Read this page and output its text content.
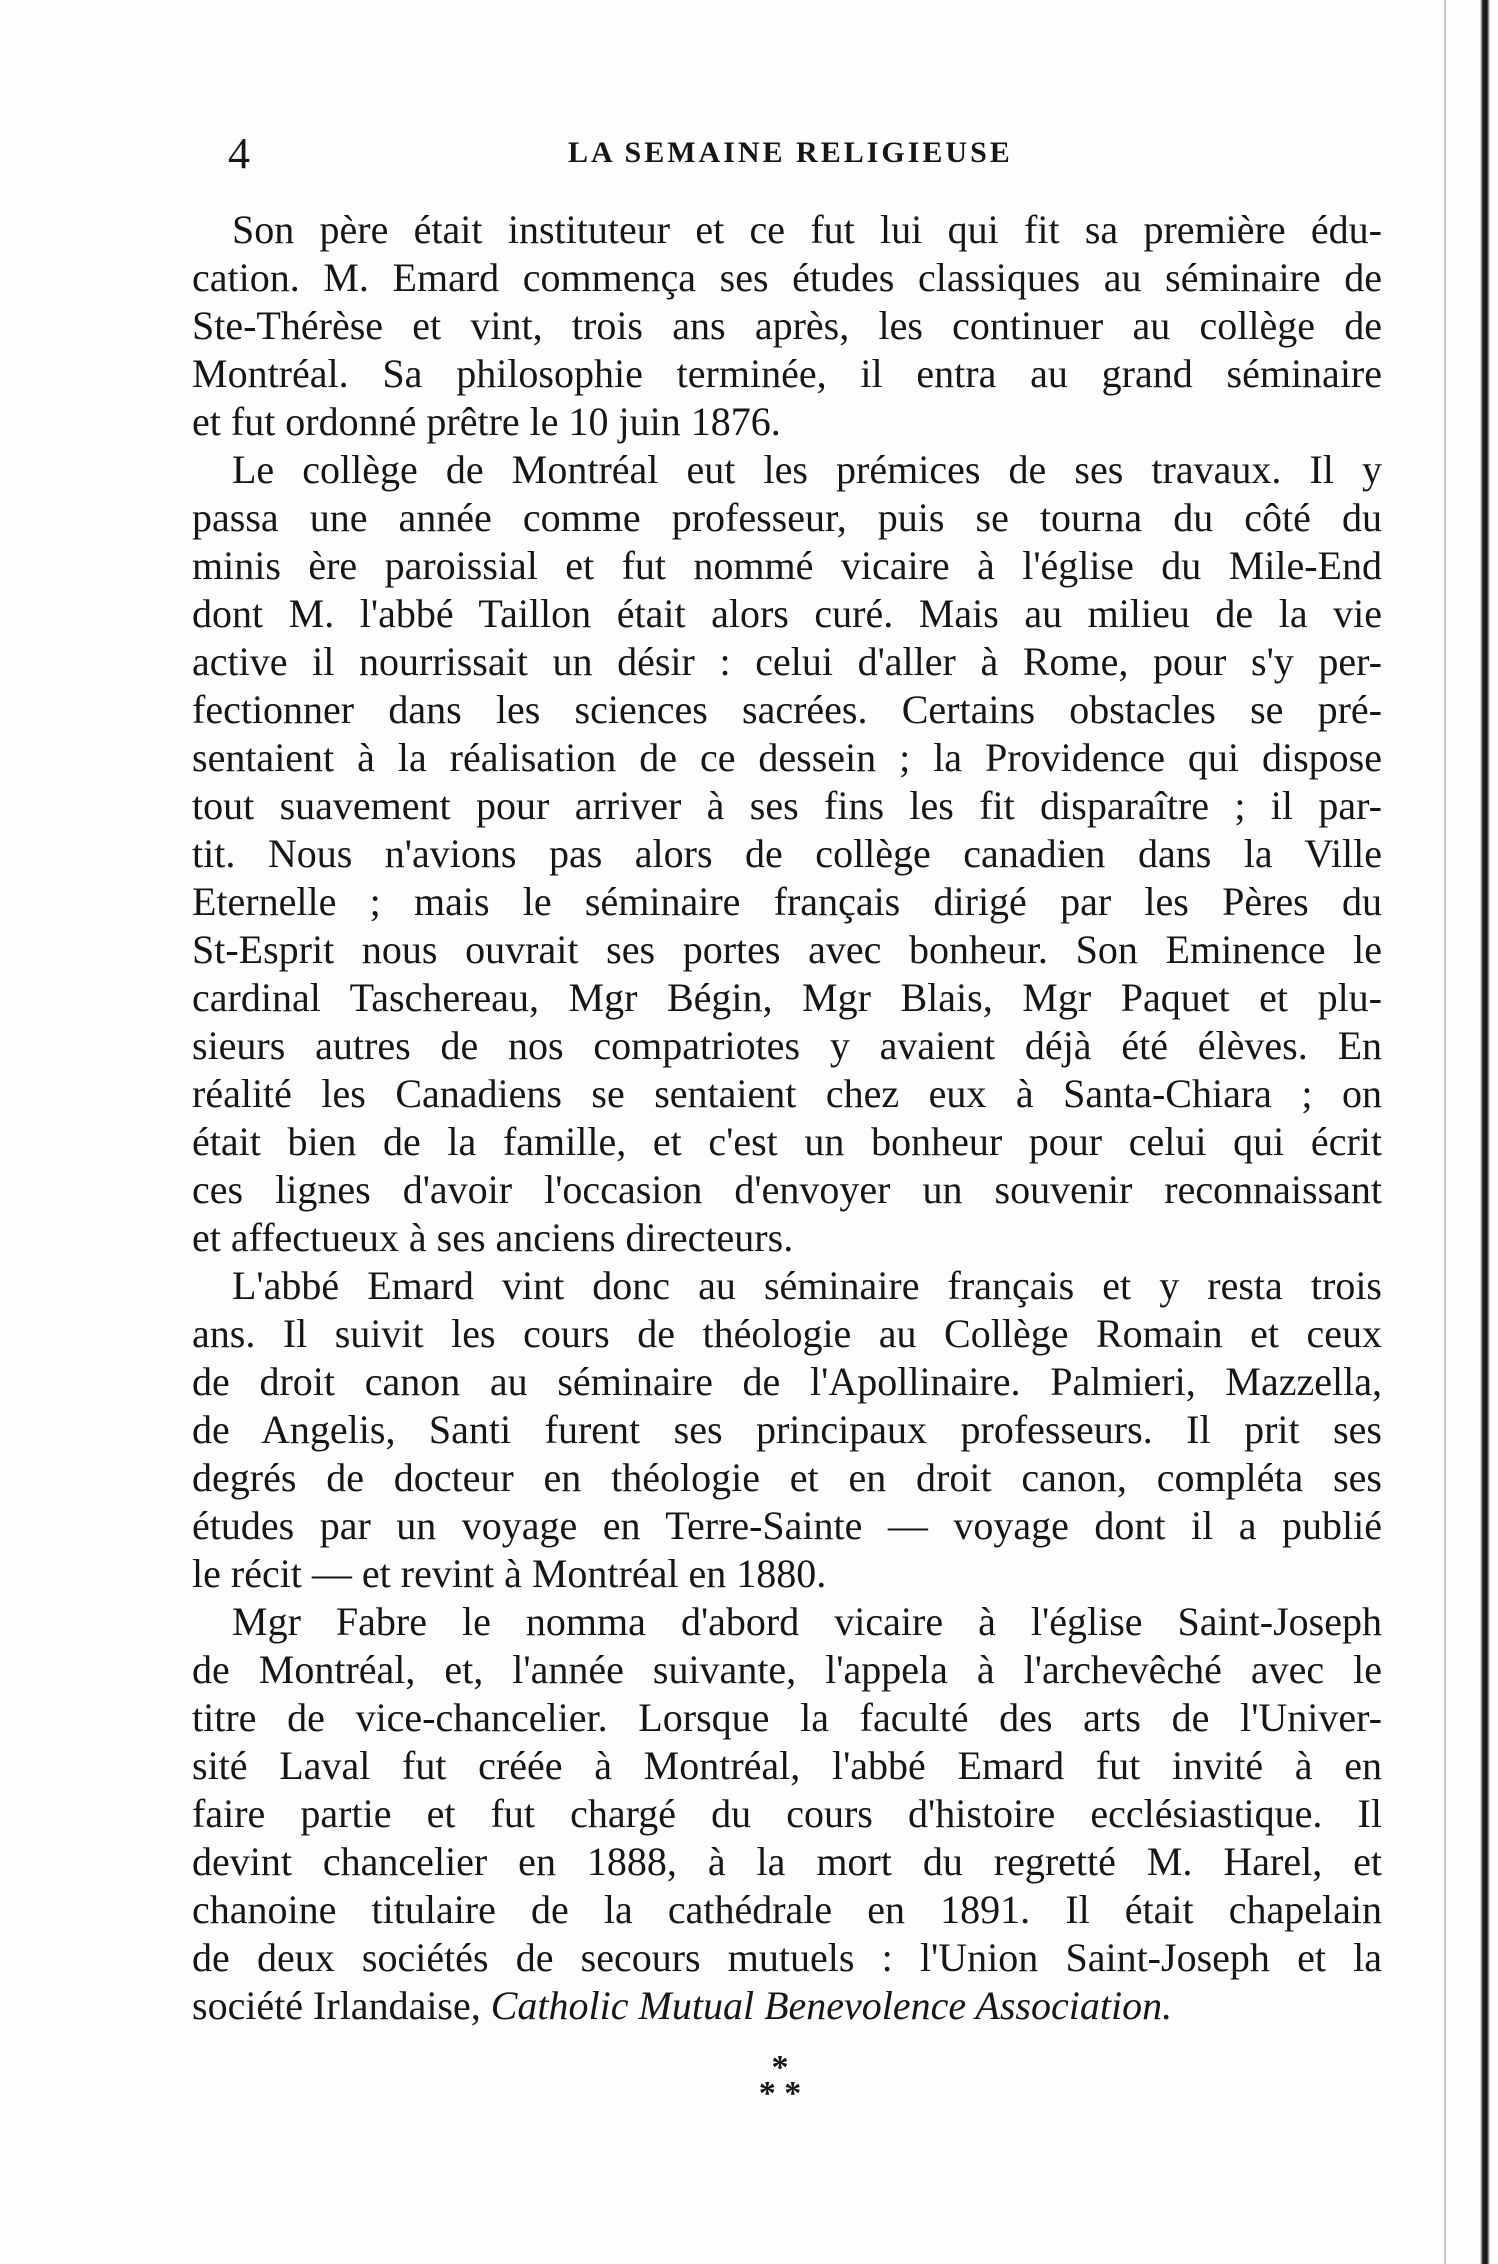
4	LA SEMAINE RELIGIEUSE

Son père était instituteur et ce fut lui qui fit sa première édu-

cation. M. Emard commença ses études classiques au séminaire de

Ste-Thérèse et vint, trois ans après, les continuer au collège de

Montréal. Sa philosophie terminée, il entra au grand séminaire

et fut ordonné prêtre le 10 juin 1876.

Le collège de Montréal eut les prémices de ses travaux. Il y

passa une année comme professeur, puis se tourna du côté du

minis ère paroissial et fut nommé vicaire à l'église du Mile-End

dont M. l'abbé Taillon était alors curé. Mais au milieu de la vie

active il nourrissait un désir : celui d'aller à Rome, pour s'y per-

fectionner dans les sciences sacrées. Certains obstacles se pré-

sentaient à la réalisation de ce dessein ; la Providence qui dispose

tout suavement pour arriver à ses fins les fit disparaître ; il par-

tit. Nous n'avions pas alors de collège canadien dans la Ville

Eternelle ; mais le séminaire français dirigé par les Pères du

St-Esprit nous ouvrait ses portes avec bonheur. Son Eminence le

cardinal Taschereau, Mgr Bégin, Mgr Blais, Mgr Paquet et plu-

sieurs autres de nos compatriotes y avaient déjà été élèves. En

réalité les Canadiens se sentaient chez eux à Santa-Chiara ; on

était bien de la famille, et c'est un bonheur pour celui qui écrit

ces lignes d'avoir l'occasion d'envoyer un souvenir reconnaissant

et affectueux à ses anciens directeurs.

L'abbé Emard vint donc au séminaire français et y resta trois

ans. Il suivit les cours de théologie au Collège Romain et ceux

de droit canon au séminaire de l'Apollinaire. Palmieri, Mazzella,

de Angelis, Santi furent ses principaux professeurs. Il prit ses

degrés de docteur en théologie et en droit canon, compléta ses

études par un voyage en Terre-Sainte — voyage dont il a publié

le récit — et revint à Montréal en 1880.

Mgr Fabre le nomma d'abord vicaire à l'église Saint-Joseph

de Montréal, et, l'année suivante, l'appela à l'archevêché avec le

titre de vice-chancelier. Lorsque la faculté des arts de l'Univer-

sité Laval fut créée à Montréal, l'abbé Emard fut invité à en

faire partie et fut chargé du cours d'histoire ecclésiastique. Il

devint chancelier en 1888, à la mort du regretté M. Harel, et

chanoine titulaire de la cathédrale en 1891. Il était chapelain

de deux sociétés de secours mutuels : l'Union Saint-Joseph et la

société Irlandaise, Catholic Mutual Benevolence Association.

*
* *
